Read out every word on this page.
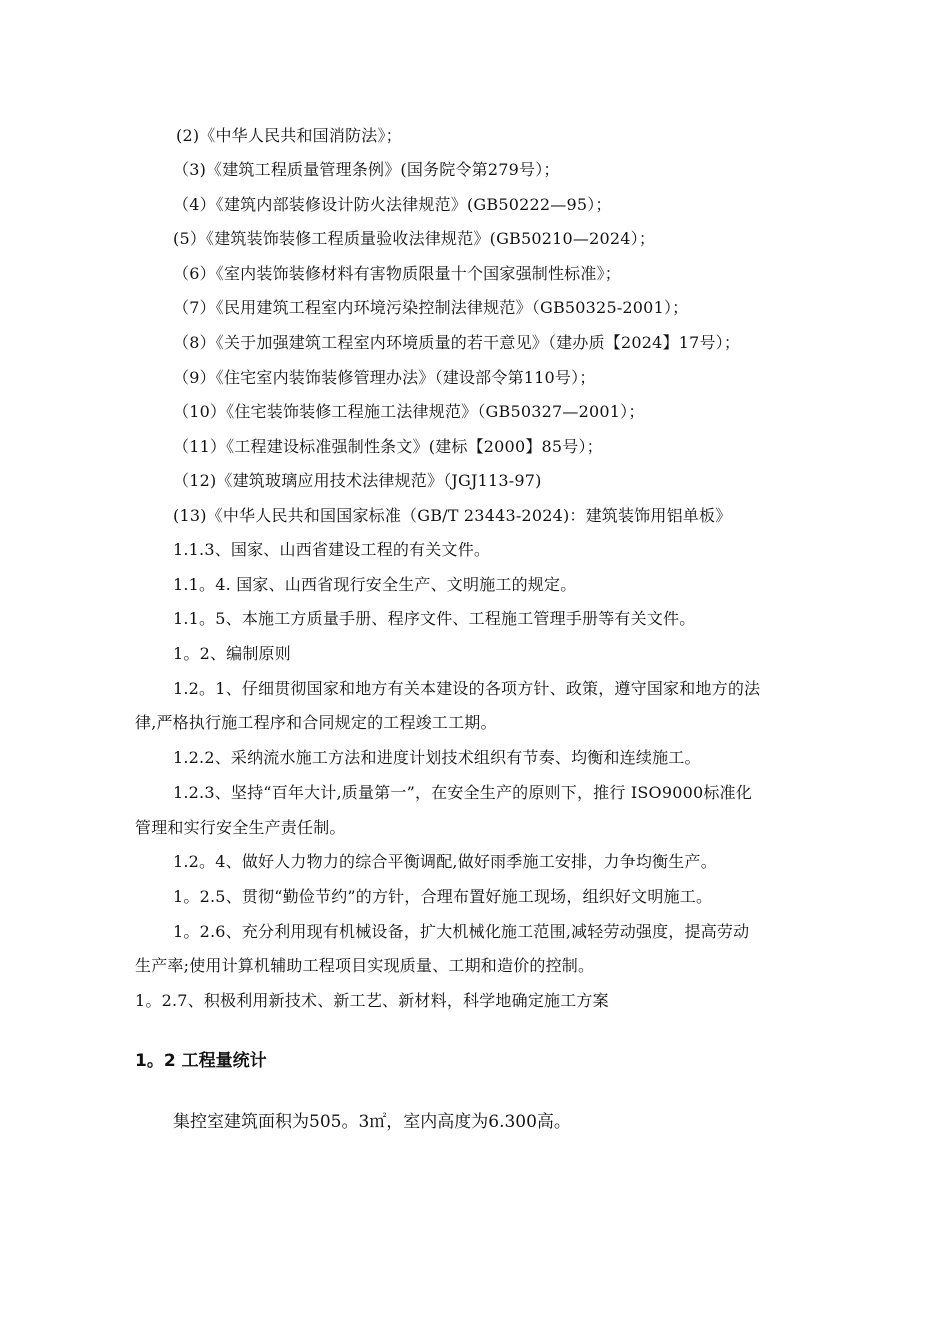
(2)《中华人民共和国消防法》；
（3)《建筑工程质量管理条例》(国务院令第279号）；
（4）《建筑内部装修设计防火法律规范》(GB50222—95）；
(5）《建筑装饰装修工程质量验收法律规范》(GB50210—2024）；
（6）《室内装饰装修材料有害物质限量十个国家强制性标准》；
（7）《民用建筑工程室内环境污染控制法律规范》（GB50325-2001）；
（8）《关于加强建筑工程室内环境质量的若干意见》（建办质【2024】17号）；
（9）《住宅室内装饰装修管理办法》（建设部令第110号）；
（10）《住宅装饰装修工程施工法律规范》（GB50327—2001）；
（11）《工程建设标准强制性条文》(建标【2000】85号）；
（12)《建筑玻璃应用技术法律规范》（JGJ113-97)
(13)《中华人民共和国国家标准（GB/T 23443-2024)：建筑装饰用铝单板》
1.1.3、国家、山西省建设工程的有关文件。
1.1。4. 国家、山西省现行安全生产、文明施工的规定。
1.1。5、本施工方质量手册、程序文件、工程施工管理手册等有关文件。
1。2、编制原则
1.2。1、仔细贯彻国家和地方有关本建设的各项方针、政策，遵守国家和地方的法
律,严格执行施工程序和合同规定的工程竣工工期。
1.2.2、采纳流水施工方法和进度计划技术组织有节奏、均衡和连续施工。
1.2.3、坚持“百年大计,质量第一”，在安全生产的原则下，推行 ISO9000标准化
管理和实行安全生产责任制。
1.2。4、做好人力物力的综合平衡调配,做好雨季施工安排，力争均衡生产。
1。2.5、贯彻“勤俭节约”的方针，合理布置好施工现场，组织好文明施工。
1。2.6、充分利用现有机械设备，扩大机械化施工范围,减轻劳动强度，提高劳动
生产率;使用计算机辅助工程项目实现质量、工期和造价的控制。
1。2.7、积极利用新技术、新工艺、新材料，科学地确定施工方案
1。2 工程量统计
集控室建筑面积为505。3㎡，室内高度为6.300高。
